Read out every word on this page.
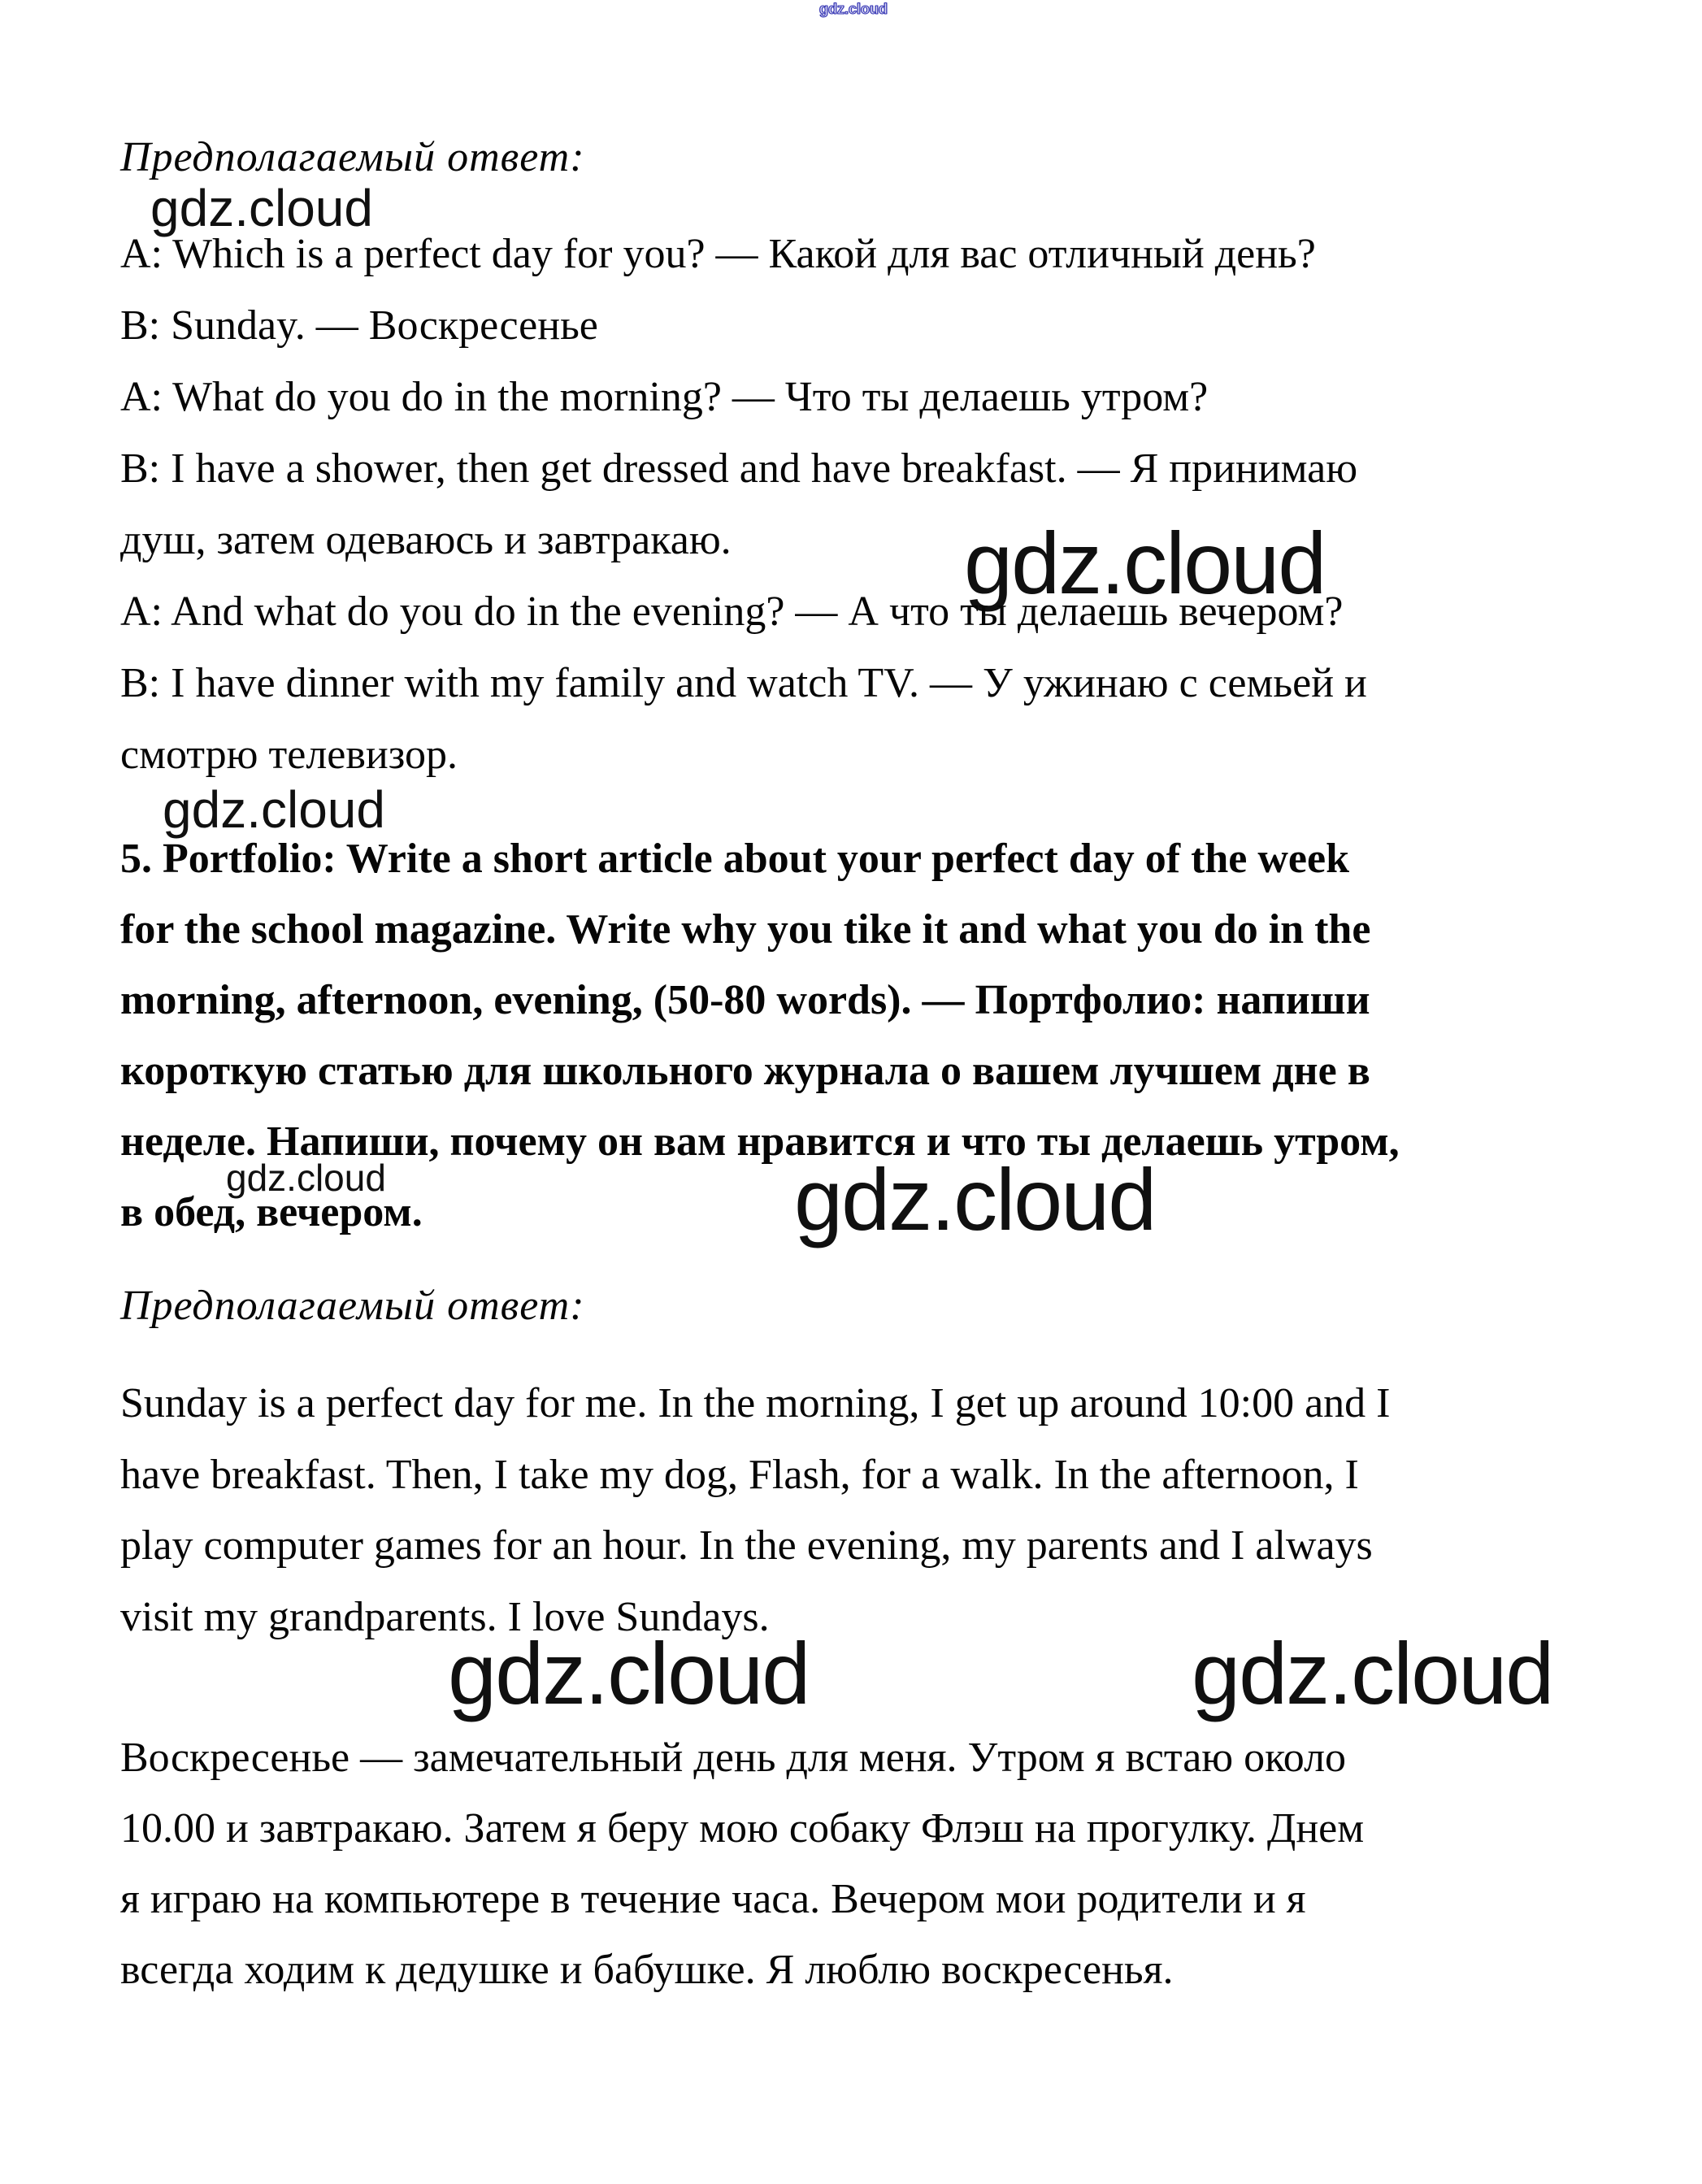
gdz.cloud
gdz.cloud
gdz.cloud
gdz.cloud
gdz.cloud	gdz.cloud
gdz.cloud	gdz.cloud
Предполагаемый ответ:
A: Which is a perfect day for you? — Какой для вас отличный день?
B: Sunday. — Воскресенье
A: What do you do in the morning? — Что ты делаешь утром?
B: I have a shower, then get dressed and have breakfast. — Я принимаю
душ, затем одеваюсь и завтракаю.
A: And what do you do in the evening? — А что ты делаешь вечером?
B: I have dinner with my family and watch TV. — У ужинаю с семьей и
смотрю телевизор.
5. Portfolio: Write a short article about your perfect day of the week
for the school magazine. Write why you tike it and what you do in the
morning, afternoon, evening, (50-80 words). — Портфолио: напиши
короткую статью для школьного журнала о вашем лучшем дне в
неделе. Напиши, почему он вам нравится и что ты делаешь утром,
в обед, вечером.
Предполагаемый ответ:
Sunday is a perfect day for me. In the morning, I get up around 10:00 and I
have breakfast. Then, I take my dog, Flash, for a walk. In the afternoon, I
play computer games for an hour. In the evening, my parents and I always
visit my grandparents. I love Sundays.
Воскресенье — замечательный день для меня. Утром я встаю около
10.00 и завтракаю. Затем я беру мою собаку Флэш на прогулку. Днем
я играю на компьютере в течение часа. Вечером мои родители и я
всегда ходим к дедушке и бабушке. Я люблю воскресенья.
